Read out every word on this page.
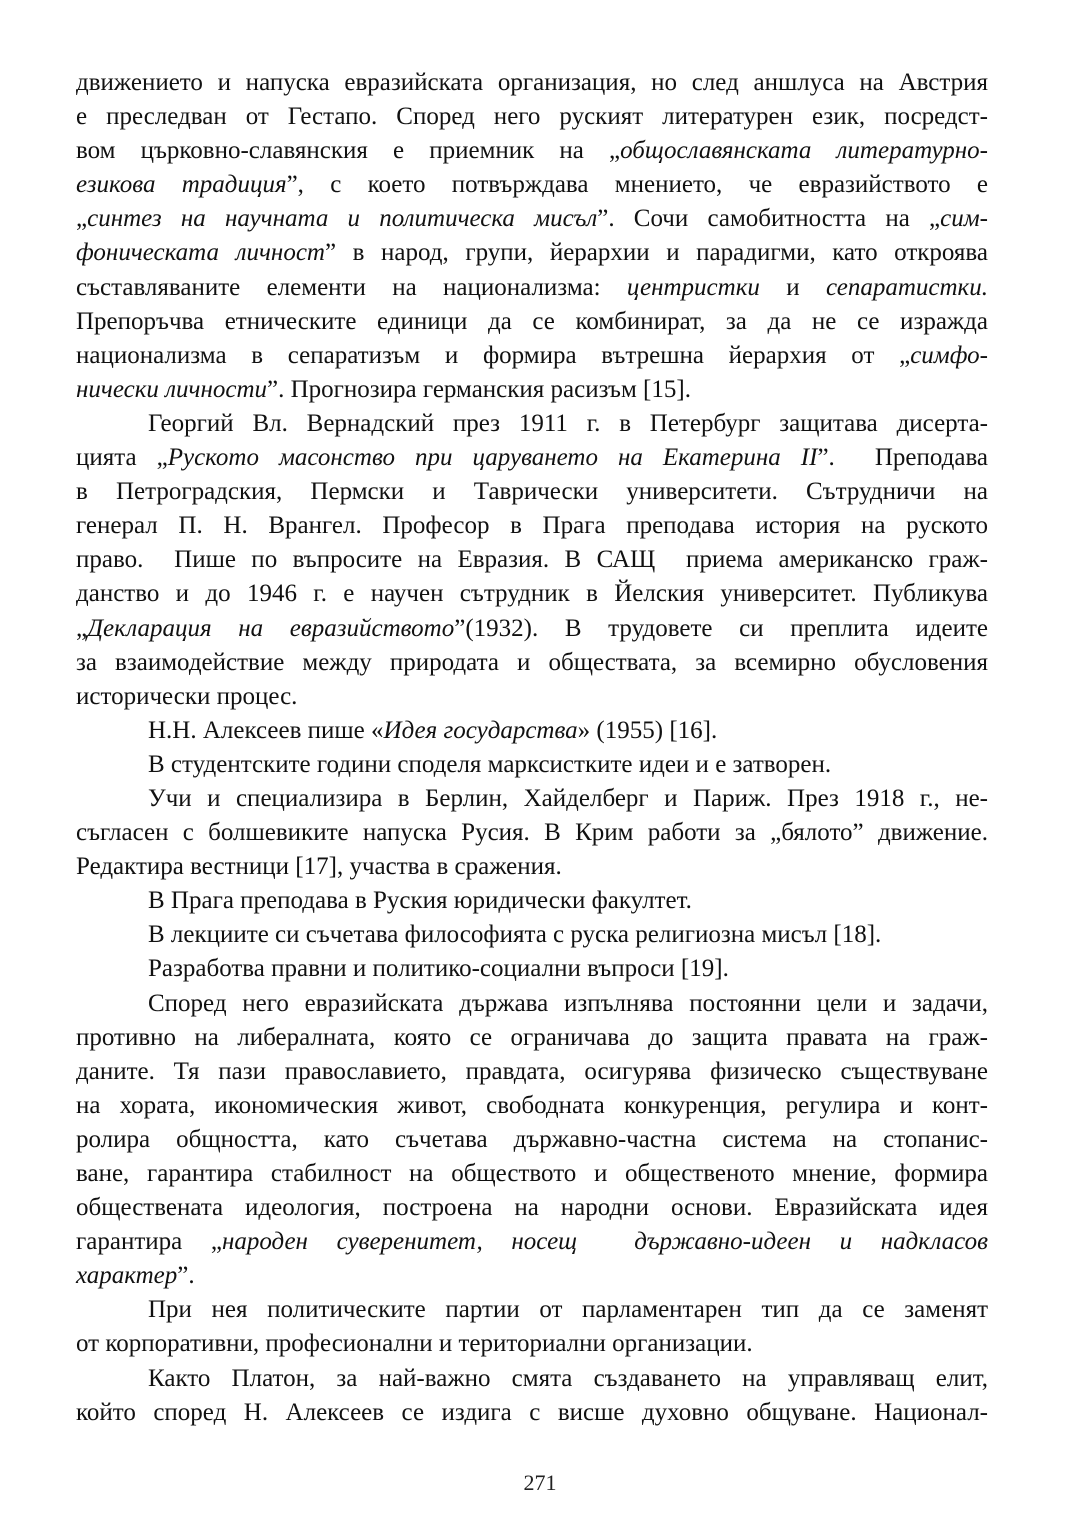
движението и напуска евразийската организация, но след аншлуса на Австрия
е преследван от Гестапо. Според него руският литературен език, посредст-
вом църковно-славянския е приемник на „общославянската литературно-
езикова традиция”, с което потвърждава мнението, че евразийството е
„синтез на научната и политическа мисъл”. Сочи самобитността на „сим-
фоническата личност” в народ, групи, йерархии и парадигми, като откроява
съставляваните елементи на национализма: центристки и сепаратистки.
Препоръчва етническите единици да се комбинират, за да не се изражда
национализма в сепаратизъм и формира вътрешна йерархия от „симфо-
нически личности”. Прогнозира германския расизъм [15].
Георгий Вл. Вернадский през 1911 г. в Петербург защитава дисерта-
цията „Руското масонство при царуването на Екатерина II”.  Преподава
в Петроградския, Пермски и Таврически университети. Сътрудничи на
генерал П. Н. Врангел. Професор в Прага преподава история на руското
право.  Пише по въпросите на Евразия. В САЩ  приема американско граж-
данство и до 1946 г. е научен сътрудник в Йелския университет. Публикува
„Декларация на евразийството”(1932). В трудовете си преплита идеите
за взаимодействие между природата и обществата, за всемирно обусловения
исторически процес.
Н.Н. Алексеев пише «Идея государства» (1955) [16].
В студентските години споделя марксистките идеи и е затворен.
Учи и специализира в Берлин, Хайделберг и Париж. През 1918 г., не-
съгласен с болшевиките напуска Русия. В Крим работи за „бялото” движение.
Редактира вестници [17], участва в сражения.
В Прага преподава в Руския юридически факултет.
В лекциите си съчетава философията с руска религиозна мисъл [18].
Разработва правни и политико-социални въпроси [19].
Според него евразийската държава изпълнява постоянни цели и задачи,
противно на либералната, която се ограничава до защита правата на граж-
даните. Тя пази православието, правдата, осигурява физическо съществуване
на хората, икономическия живот, свободната конкуренция, регулира и конт-
ролира общността, като съчетава държавно-частна система на стопанис-
ване, гарантира стабилност на обществото и общественото мнение, формира
обществената идеология, построена на народни основи. Евразийската идея
гарантира „народен суверенитет, носещ  държавно-идеен и надкласов
характер”.
При нея политическите партии от парламентарен тип да се заменят
от корпоративни, професионални и териториални организации.
Както Платон, за най-важно смята създаването на управляващ елит,
който според Н. Алексеев се издига с висше духовно общуване. Национал-
271
